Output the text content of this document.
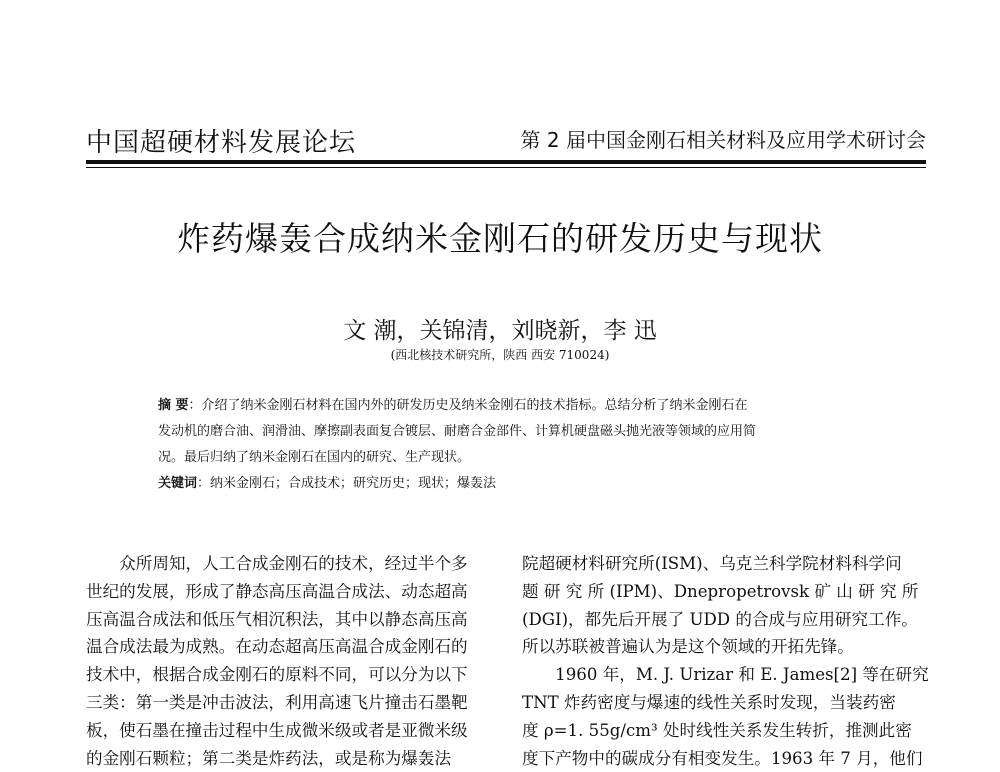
中国超硬材料发展论坛	第 2 届中国金刚石相关材料及应用学术研讨会
炸药爆轰合成纳米金刚石的研发历史与现状
文 潮，关锦清，刘晓新，李 迅
(西北核技术研究所，陕西 西安 710024)

摘 要：介绍了纳米金刚石材料在国内外的研发历史及纳米金刚石的技术指标。总结分析了纳米金刚石在

发动机的磨合油、润滑油、摩擦副表面复合镀层、耐磨合金部件、计算机硬盘磁头抛光液等领域的应用简

况。最后归纳了纳米金刚石在国内的研究、生产现状。

关键词：纳米金刚石；合成技术；研究历史；现状；爆轰法

　　众所周知，人工合成金刚石的技术，经过半个多

世纪的发展，形成了静态高压高温合成法、动态超高

压高温合成法和低压气相沉积法，其中以静态高压高

温合成法最为成熟。在动态超高压高温合成金刚石的

技术中，根据合成金刚石的原料不同，可以分为以下

三类：第一类是冲击波法，利用高速飞片撞击石墨靶

板，使石墨在撞击过程中生成微米级或者是亚微米级

的金刚石颗粒；第二类是炸药法，或是称为爆轰法

院超硬材料研究所(ISM)、乌克兰科学院材料科学问

题 研 究 所 (IPM)、Dnepropetrovsk 矿 山 研 究 所

(DGI)，都先后开展了 UDD 的合成与应用研究工作。

所以苏联被普遍认为是这个领域的开拓先锋。

　　1960 年，M. J. Urizar 和 E. James[2] 等在研究

TNT 炸药密度与爆速的线性关系时发现，当装药密

度 ρ=1. 55g/cm³ 处时线性关系发生转折，推测此密

度下产物中的碳成分有相变发生。1963 年 7 月，他们
